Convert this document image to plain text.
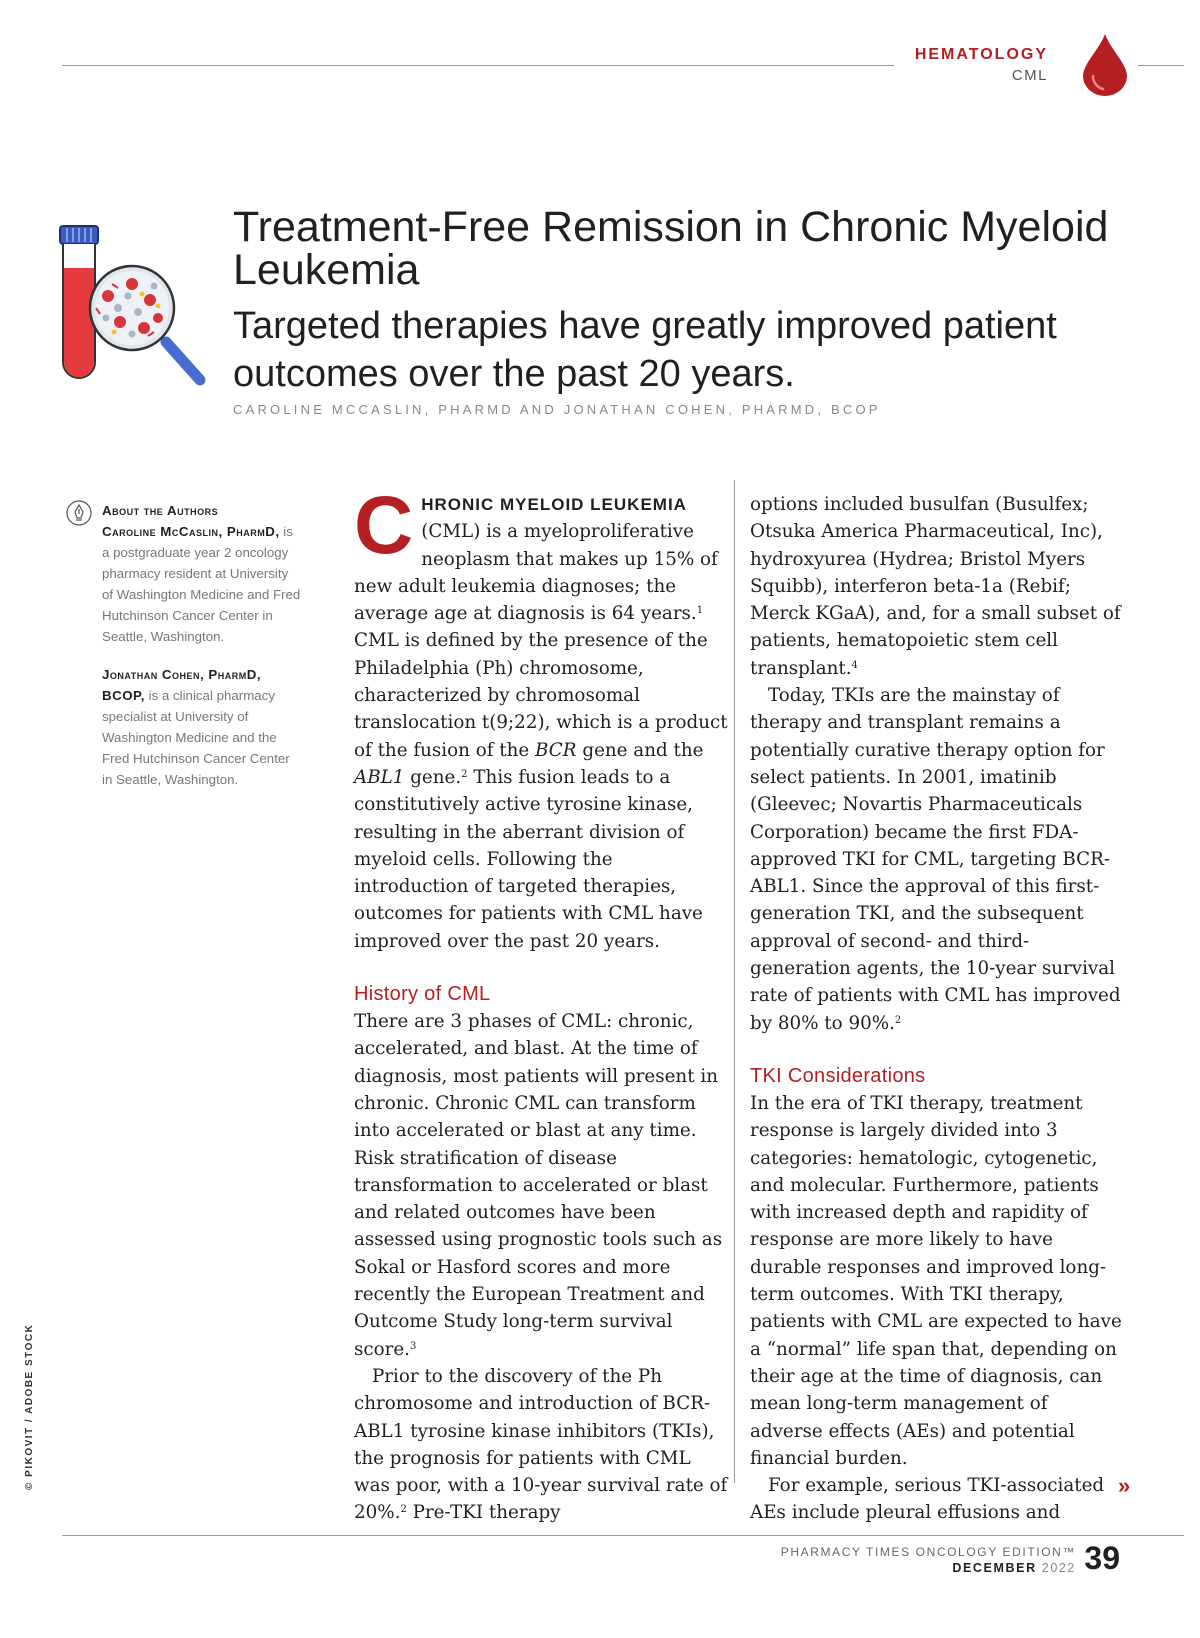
HEMATOLOGY
CML
Treatment-Free Remission in Chronic Myeloid Leukemia
Targeted therapies have greatly improved patient outcomes over the past 20 years.
CAROLINE MCCASLIN, PHARMD AND JONATHAN COHEN, PHARMD, BCOP

About the Authors
Caroline McCaslin, PharmD, is a postgraduate year 2 oncology pharmacy resident at University of Washington Medicine and Fred Hutchinson Cancer Center in Seattle, Washington.

Jonathan Cohen, PharmD, BCOP, is a clinical pharmacy specialist at University of Washington Medicine and the Fred Hutchinson Cancer Center in Seattle, Washington.

CHRONIC MYELOID LEUKEMIA (CML) is a myeloproliferative neoplasm that makes up 15% of new adult leukemia diagnoses; the average age at diagnosis is 64 years.$^1$ CML is defined by the presence of the Philadelphia (Ph) chromosome, characterized by chromosomal translocation t(9;22), which is a product of the fusion of the BCR gene and the ABL1 gene.$^2$ This fusion leads to a constitutively active tyrosine kinase, resulting in the aberrant division of myeloid cells. Following the introduction of targeted therapies, outcomes for patients with CML have improved over the past 20 years.

History of CML

There are 3 phases of CML: chronic, accelerated, and blast. At the time of diagnosis, most patients will present in chronic. Chronic CML can transform into accelerated or blast at any time. Risk stratification of disease transformation to accelerated or blast and related outcomes have been assessed using prognostic tools such as Sokal or Hasford scores and more recently the European Treatment and Outcome Study long-term survival score.$^3$

Prior to the discovery of the Ph chromosome and introduction of BCR-ABL1 tyrosine kinase inhibitors (TKIs), the prognosis for patients with CML was poor, with a 10-year survival rate of 20%.$^2$ Pre-TKI therapy

options included busulfan (Busulfex; Otsuka America Pharmaceutical, Inc), hydroxyurea (Hydrea; Bristol Myers Squibb), interferon beta-1a (Rebif; Merck KGaA), and, for a small subset of patients, hematopoietic stem cell transplant.$^4$

Today, TKIs are the mainstay of therapy and transplant remains a potentially curative therapy option for select patients. In 2001, imatinib (Gleevec; Novartis Pharmaceuticals Corporation) became the first FDA-approved TKI for CML, targeting BCR-ABL1. Since the approval of this first-generation TKI, and the subsequent approval of second- and third-generation agents, the 10-year survival rate of patients with CML has improved by 80% to 90%.$^2$

TKI Considerations

In the era of TKI therapy, treatment response is largely divided into 3 categories: hematologic, cytogenetic, and molecular. Furthermore, patients with increased depth and rapidity of response are more likely to have durable responses and improved long-term outcomes. With TKI therapy, patients with CML are expected to have a “normal” life span that, depending on their age at the time of diagnosis, can mean long-term management of adverse effects (AEs) and potential financial burden.

For example, serious TKI-associated AEs include pleural effusions and

»
© PIKOVIT / ADOBE STOCK
PHARMACY TIMES ONCOLOGY EDITION™
DECEMBER 2022 39
